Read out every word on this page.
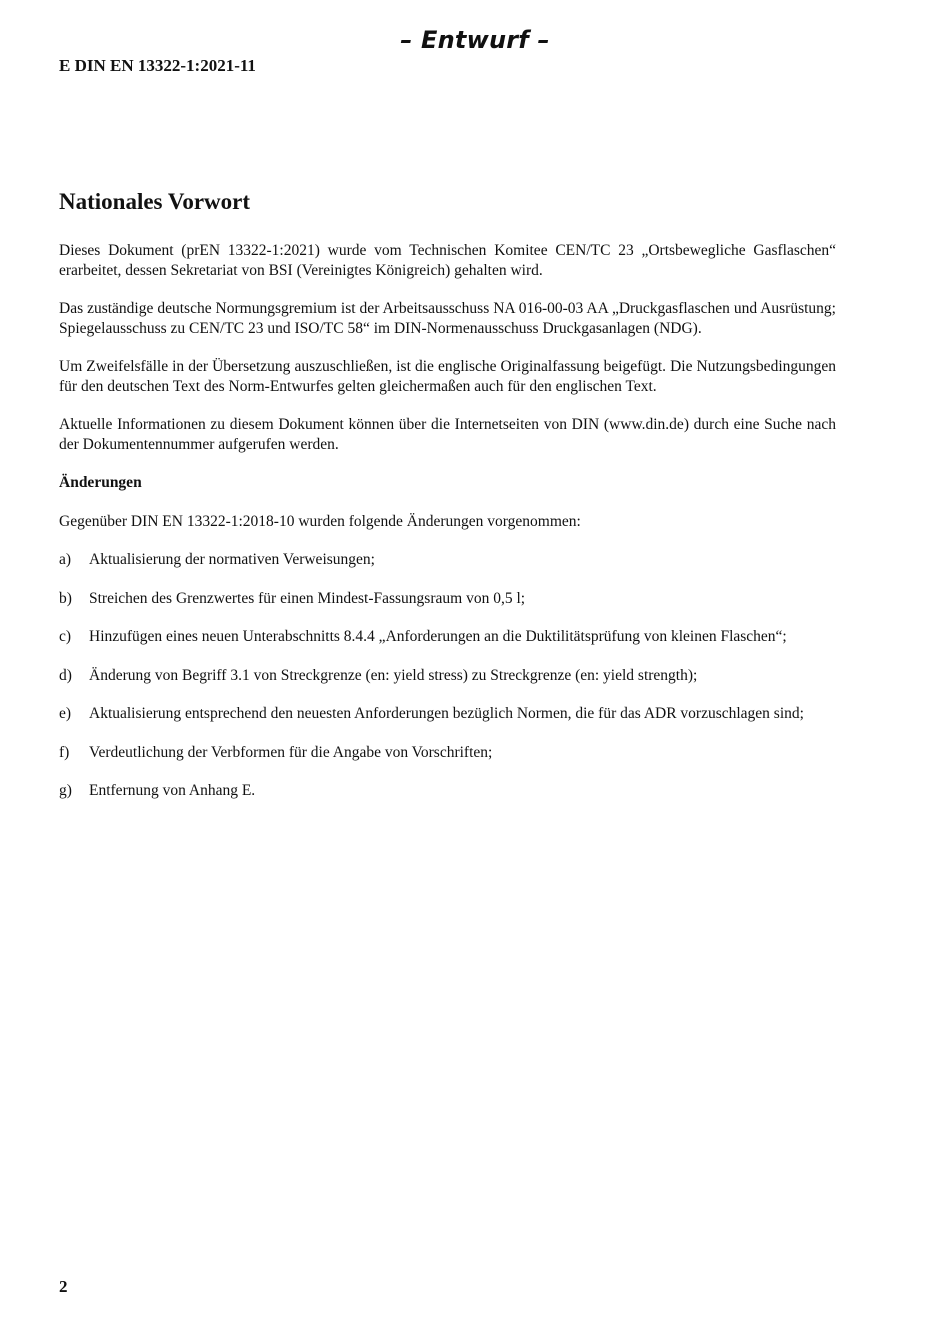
– Entwurf –
E DIN EN 13322-1:2021-11
Nationales Vorwort

Dieses Dokument (prEN 13322-1:2021) wurde vom Technischen Komitee CEN/TC 23 „Ortsbewegliche Gasflaschen“ erarbeitet, dessen Sekretariat von BSI (Vereinigtes Königreich) gehalten wird.

Das zuständige deutsche Normungsgremium ist der Arbeitsausschuss NA 016-00-03 AA „Druckgasflaschen und Ausrüstung; Spiegelausschuss zu CEN/TC 23 und ISO/TC 58“ im DIN-Normenausschuss Druckgasanlagen (NDG).

Um Zweifelsfälle in der Übersetzung auszuschließen, ist die englische Originalfassung beigefügt. Die Nutzungsbedingungen für den deutschen Text des Norm-Entwurfes gelten gleichermaßen auch für den englischen Text.

Aktuelle Informationen zu diesem Dokument können über die Internetseiten von DIN (www.din.de) durch eine Suche nach der Dokumentennummer aufgerufen werden.

Änderungen

Gegenüber DIN EN 13322-1:2018-10 wurden folgende Änderungen vorgenommen:

a) Aktualisierung der normativen Verweisungen;
b) Streichen des Grenzwertes für einen Mindest-Fassungsraum von 0,5 l;
c) Hinzufügen eines neuen Unterabschnitts 8.4.4 „Anforderungen an die Duktilitätsprüfung von kleinen Flaschen“;
d) Änderung von Begriff 3.1 von Streckgrenze (en: yield stress) zu Streckgrenze (en: yield strength);
e) Aktualisierung entsprechend den neuesten Anforderungen bezüglich Normen, die für das ADR vorzuschlagen sind;
f) Verdeutlichung der Verbformen für die Angabe von Vorschriften;
g) Entfernung von Anhang E.
2
